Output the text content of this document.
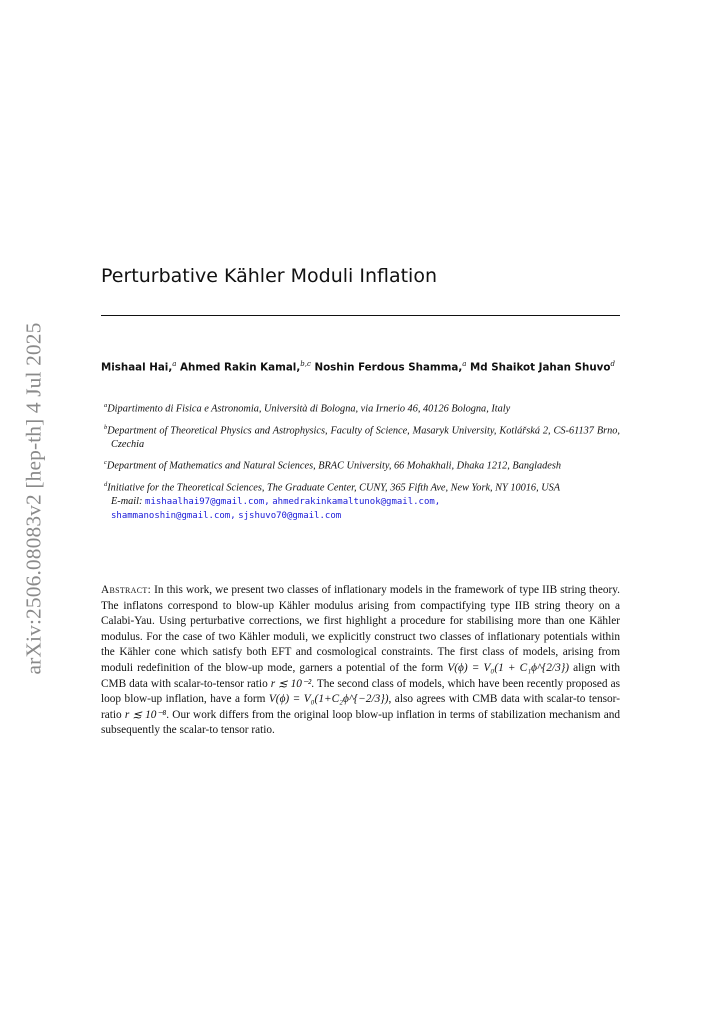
arXiv:2506.08083v2 [hep-th] 4 Jul 2025
Perturbative Kähler Moduli Inflation
Mishaal Hai,$^a$ Ahmed Rakin Kamal,$^{b,c}$ Noshin Ferdous Shamma,$^a$ Md Shaikot Jahan Shuvo$^d$

$^a$Dipartimento di Fisica e Astronomia, Università di Bologna, via Irnerio 46, 40126 Bologna, Italy

$^b$Department of Theoretical Physics and Astrophysics, Faculty of Science, Masaryk University, Kotlářská 2, CS-61137 Brno, Czechia

$^c$Department of Mathematics and Natural Sciences, BRAC University, 66 Mohakhali, Dhaka 1212, Bangladesh

$^d$Initiative for the Theoretical Sciences, The Graduate Center, CUNY, 365 Fifth Ave, New York, NY 10016, USA

E-mail: mishaalhai97@gmail.com, ahmedrakinkamaltunok@gmail.com,
shammanoshin@gmail.com, sjshuvo70@gmail.com

Abstract: In this work, we present two classes of inflationary models in the framework of type IIB string theory. The inflatons correspond to blow-up Kähler modulus arising from compactifying type IIB string theory on a Calabi-Yau. Using perturbative corrections, we first highlight a procedure for stabilising more than one Kähler modulus. For the case of two Kähler moduli, we explicitly construct two classes of inflationary potentials within the Kähler cone which satisfy both EFT and cosmological constraints. The first class of models, arising from moduli redefinition of the blow-up mode, garners a potential of the form V(ϕ) = V₀(1 + C₁ϕ^{2/3}) align with CMB data with scalar-to-tensor ratio r ≲ 10⁻². The second class of models, which have been recently proposed as loop blow-up inflation, have a form V(ϕ) = V₀(1+C₂ϕ^{−2/3}), also agrees with CMB data with scalar-to tensor-ratio r ≲ 10⁻⁸. Our work differs from the original loop blow-up inflation in terms of stabilization mechanism and subsequently the scalar-to tensor ratio.
